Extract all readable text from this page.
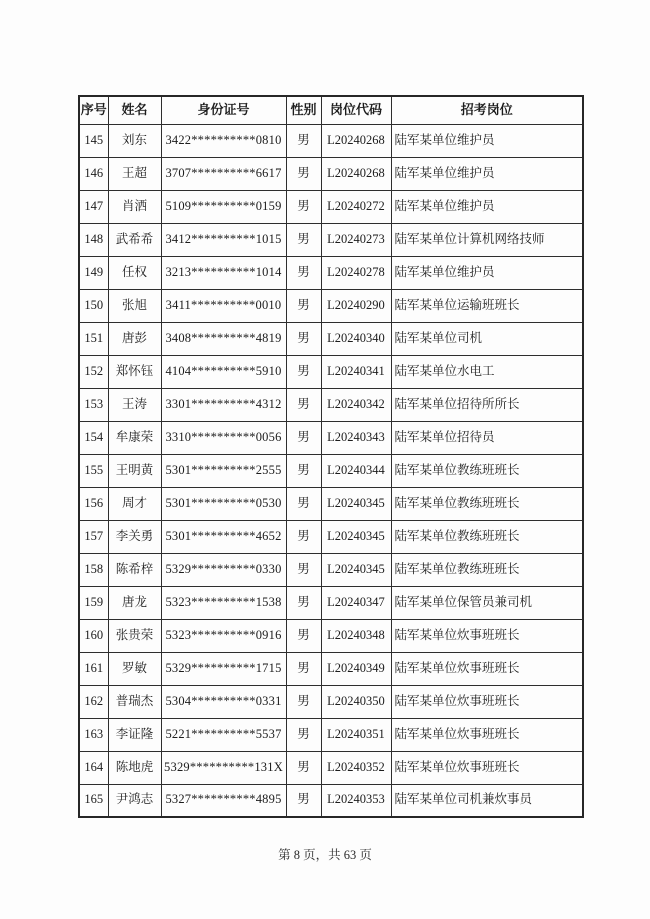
序号	姓名	身份证号	性别	岗位代码	招考岗位
145	刘东	3422**********0810	男	L20240268	陆军某单位维护员
146	王超	3707**********6617	男	L20240268	陆军某单位维护员
147	肖洒	5109**********0159	男	L20240272	陆军某单位维护员
148	武希希	3412**********1015	男	L20240273	陆军某单位计算机网络技师
149	任权	3213**********1014	男	L20240278	陆军某单位维护员
150	张旭	3411**********0010	男	L20240290	陆军某单位运输班班长
151	唐彭	3408**********4819	男	L20240340	陆军某单位司机
152	郑怀钰	4104**********5910	男	L20240341	陆军某单位水电工
153	王涛	3301**********4312	男	L20240342	陆军某单位招待所所长
154	牟康荣	3310**********0056	男	L20240343	陆军某单位招待员
155	王明黄	5301**********2555	男	L20240344	陆军某单位教练班班长
156	周才	5301**********0530	男	L20240345	陆军某单位教练班班长
157	李关勇	5301**********4652	男	L20240345	陆军某单位教练班班长
158	陈希梓	5329**********0330	男	L20240345	陆军某单位教练班班长
159	唐龙	5323**********1538	男	L20240347	陆军某单位保管员兼司机
160	张贵荣	5323**********0916	男	L20240348	陆军某单位炊事班班长
161	罗敏	5329**********1715	男	L20240349	陆军某单位炊事班班长
162	普瑞杰	5304**********0331	男	L20240350	陆军某单位炊事班班长
163	李证隆	5221**********5537	男	L20240351	陆军某单位炊事班班长
164	陈地虎	5329**********131X	男	L20240352	陆军某单位炊事班班长
165	尹鸿志	5327**********4895	男	L20240353	陆军某单位司机兼炊事员
第 8 页，共 63 页
